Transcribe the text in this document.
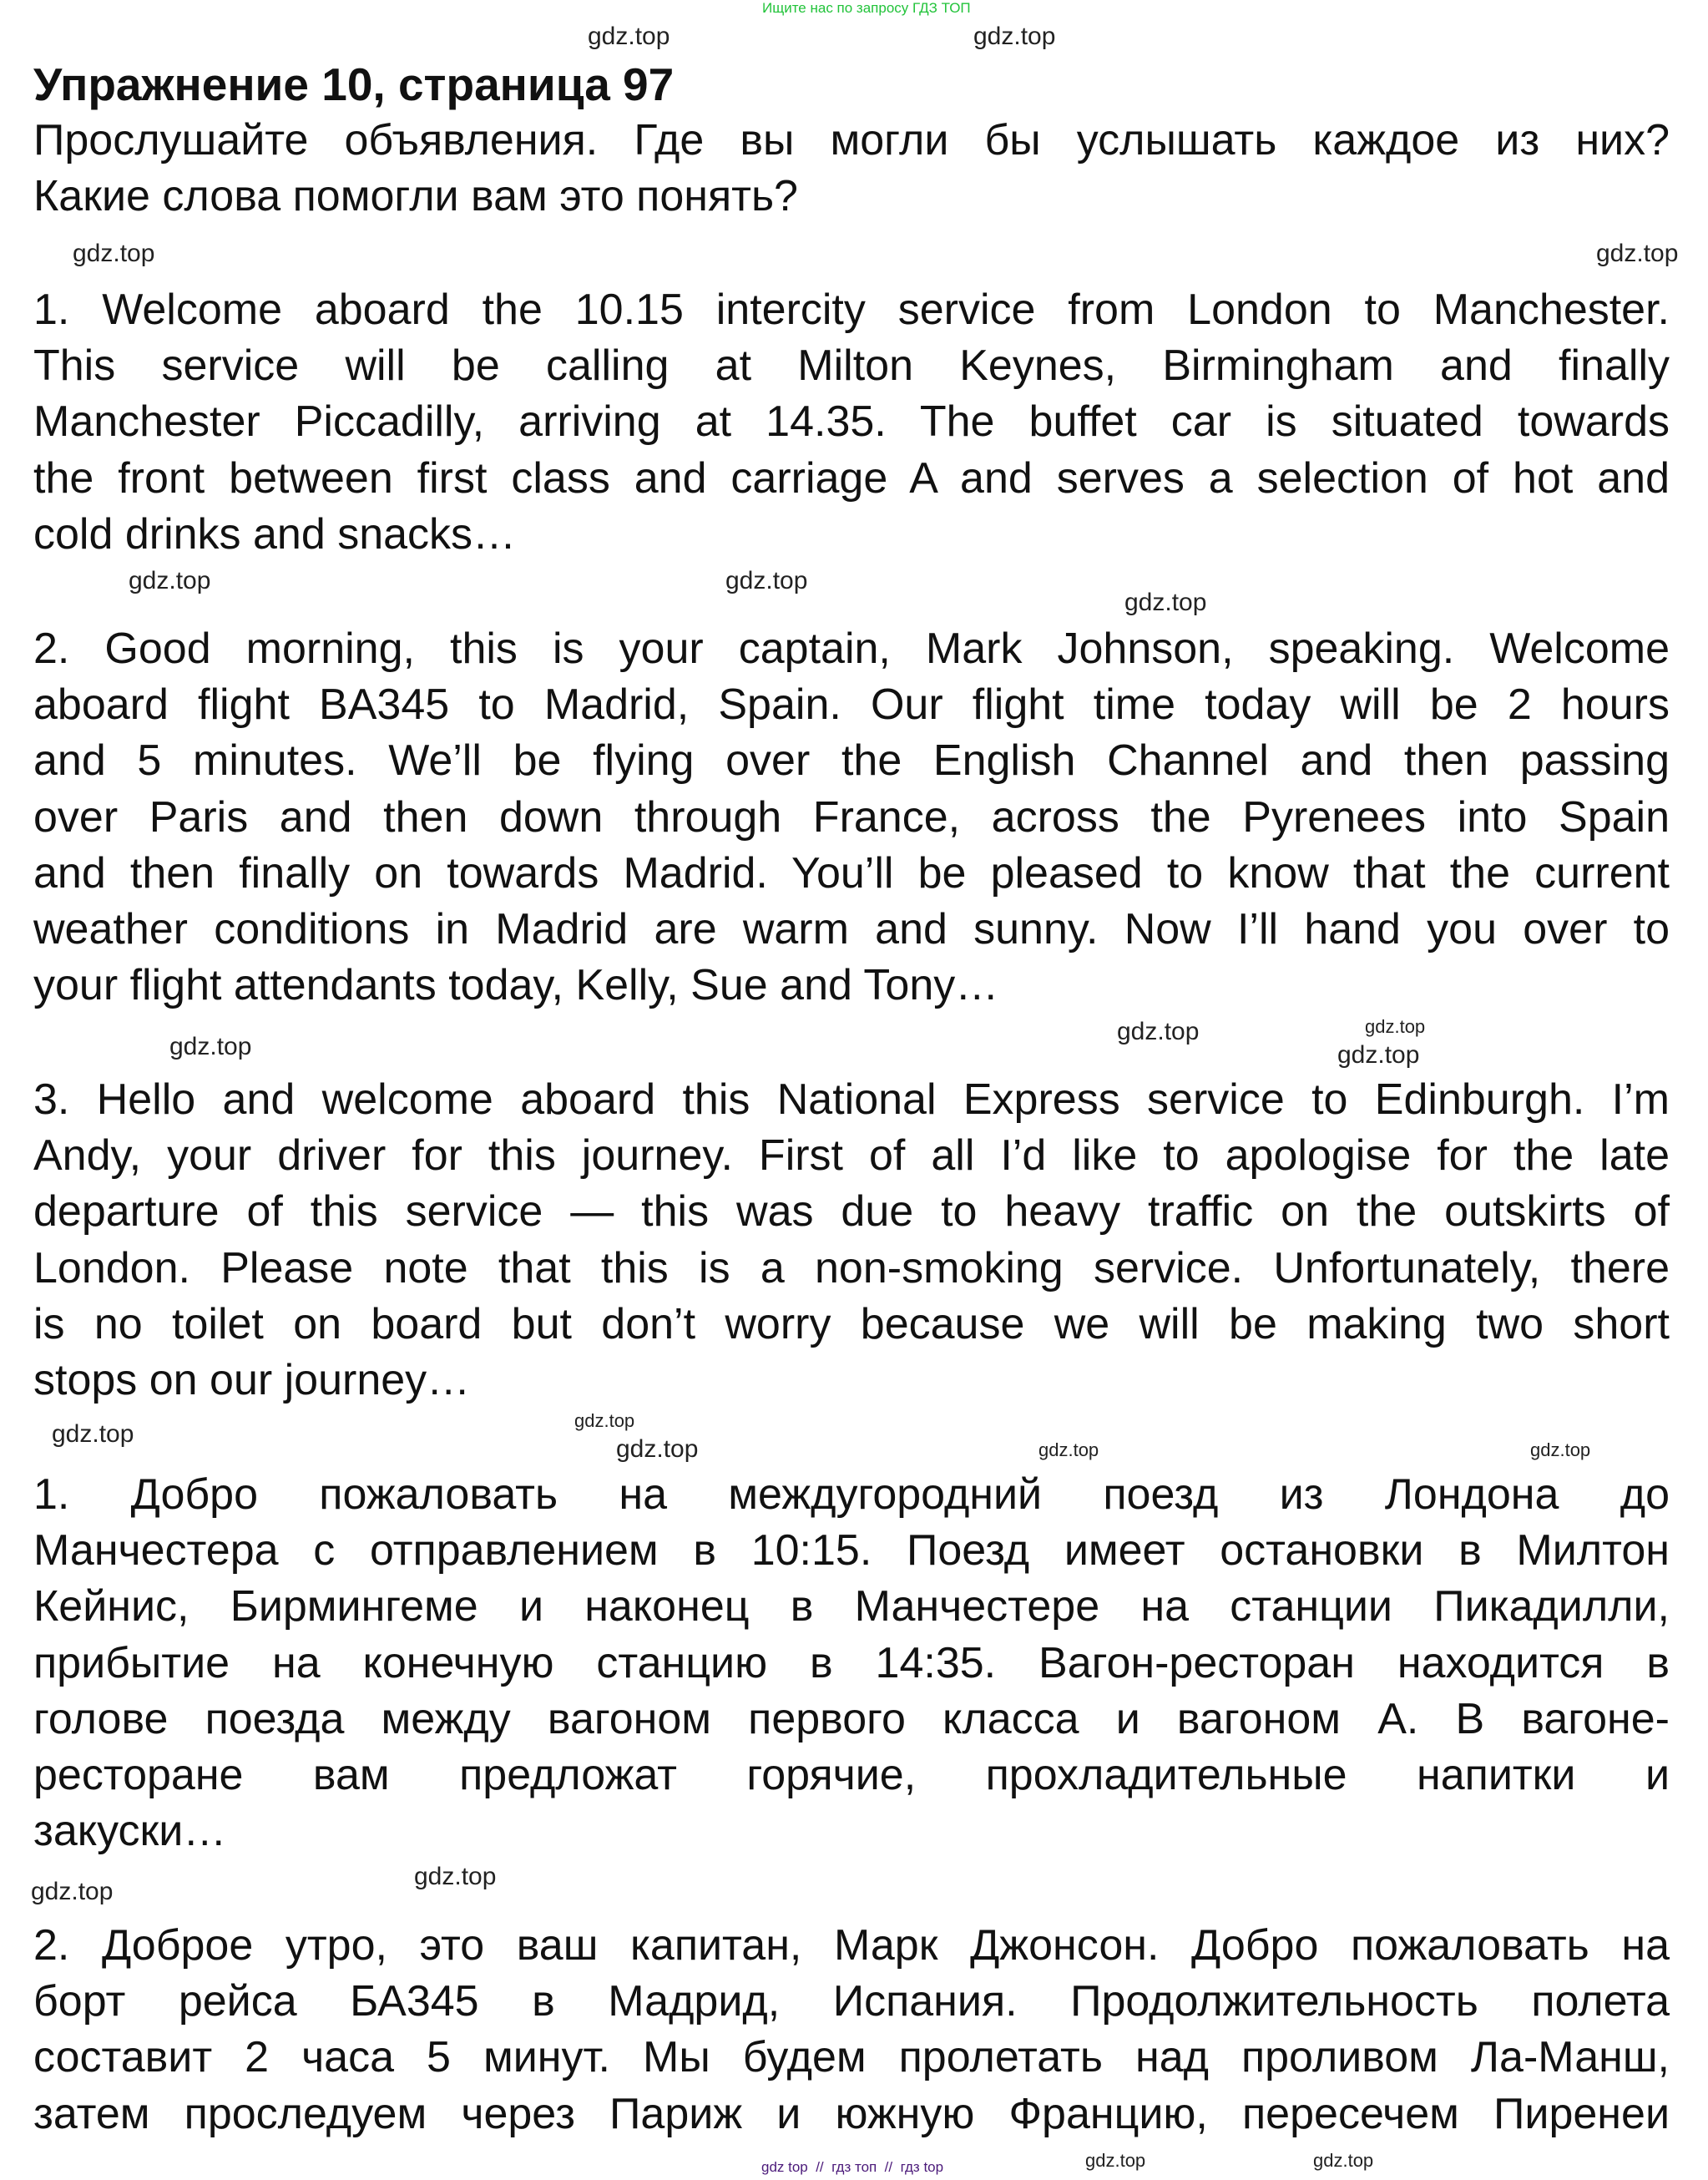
Ищите нас по запросу ГДЗ ТОП
Упражнение 10, страница 97
Прослушайте объявления. Где вы могли бы услышать каждое из них?
Какие слова помогли вам это понять?
1. Welcome aboard the 10.15 intercity service from London to Manchester.
This service will be calling at Milton Keynes, Birmingham and finally
Manchester Piccadilly, arriving at 14.35. The buffet car is situated towards
the front between first class and carriage A and serves a selection of hot and
cold drinks and snacks…
2. Good morning, this is your captain, Mark Johnson, speaking. Welcome
aboard flight BA345 to Madrid, Spain. Our flight time today will be 2 hours
and 5 minutes. We’ll be flying over the English Channel and then passing
over Paris and then down through France, across the Pyrenees into Spain
and then finally on towards Madrid. You’ll be pleased to know that the current
weather conditions in Madrid are warm and sunny. Now I’ll hand you over to
your flight attendants today, Kelly, Sue and Tony…
3. Hello and welcome aboard this National Express service to Edinburgh. I’m
Andy, your driver for this journey. First of all I’d like to apologise for the late
departure of this service — this was due to heavy traffic on the outskirts of
London. Please note that this is a non-smoking service. Unfortunately, there
is no toilet on board but don’t worry because we will be making two short
stops on our journey…
1. Добро пожаловать на междугородний поезд из Лондона до
Манчестера с отправлением в 10:15. Поезд имеет остановки в Милтон
Кейнис, Бирмингеме и наконец в Манчестере на станции Пикадилли,
прибытие на конечную станцию в 14:35. Вагон-ресторан находится в
голове поезда между вагоном первого класса и вагоном А. В вагоне-
ресторане вам предложат горячие, прохладительные напитки и
закуски…
2. Доброе утро, это ваш капитан, Марк Джонсон. Добро пожаловать на
борт рейса БА345 в Мадрид, Испания. Продолжительность полета
составит 2 часа 5 минут. Мы будем пролетать над проливом Ла-Манш,
затем проследуем через Париж и южную Францию, пересечем Пиренеи
gdz.top	gdz.top
gdz.top
gdz.top
gdz.top
gdz.top
gdz.top
gdz.top
gdz.top
gdz.top
gdz.top
gdz.top
gdz.top
gdz.top
gdz.top
gdz.top
gdz.top
gdz.top
gdz.top
gdz.top
gdz top  //  гдз топ  //  гдз top
